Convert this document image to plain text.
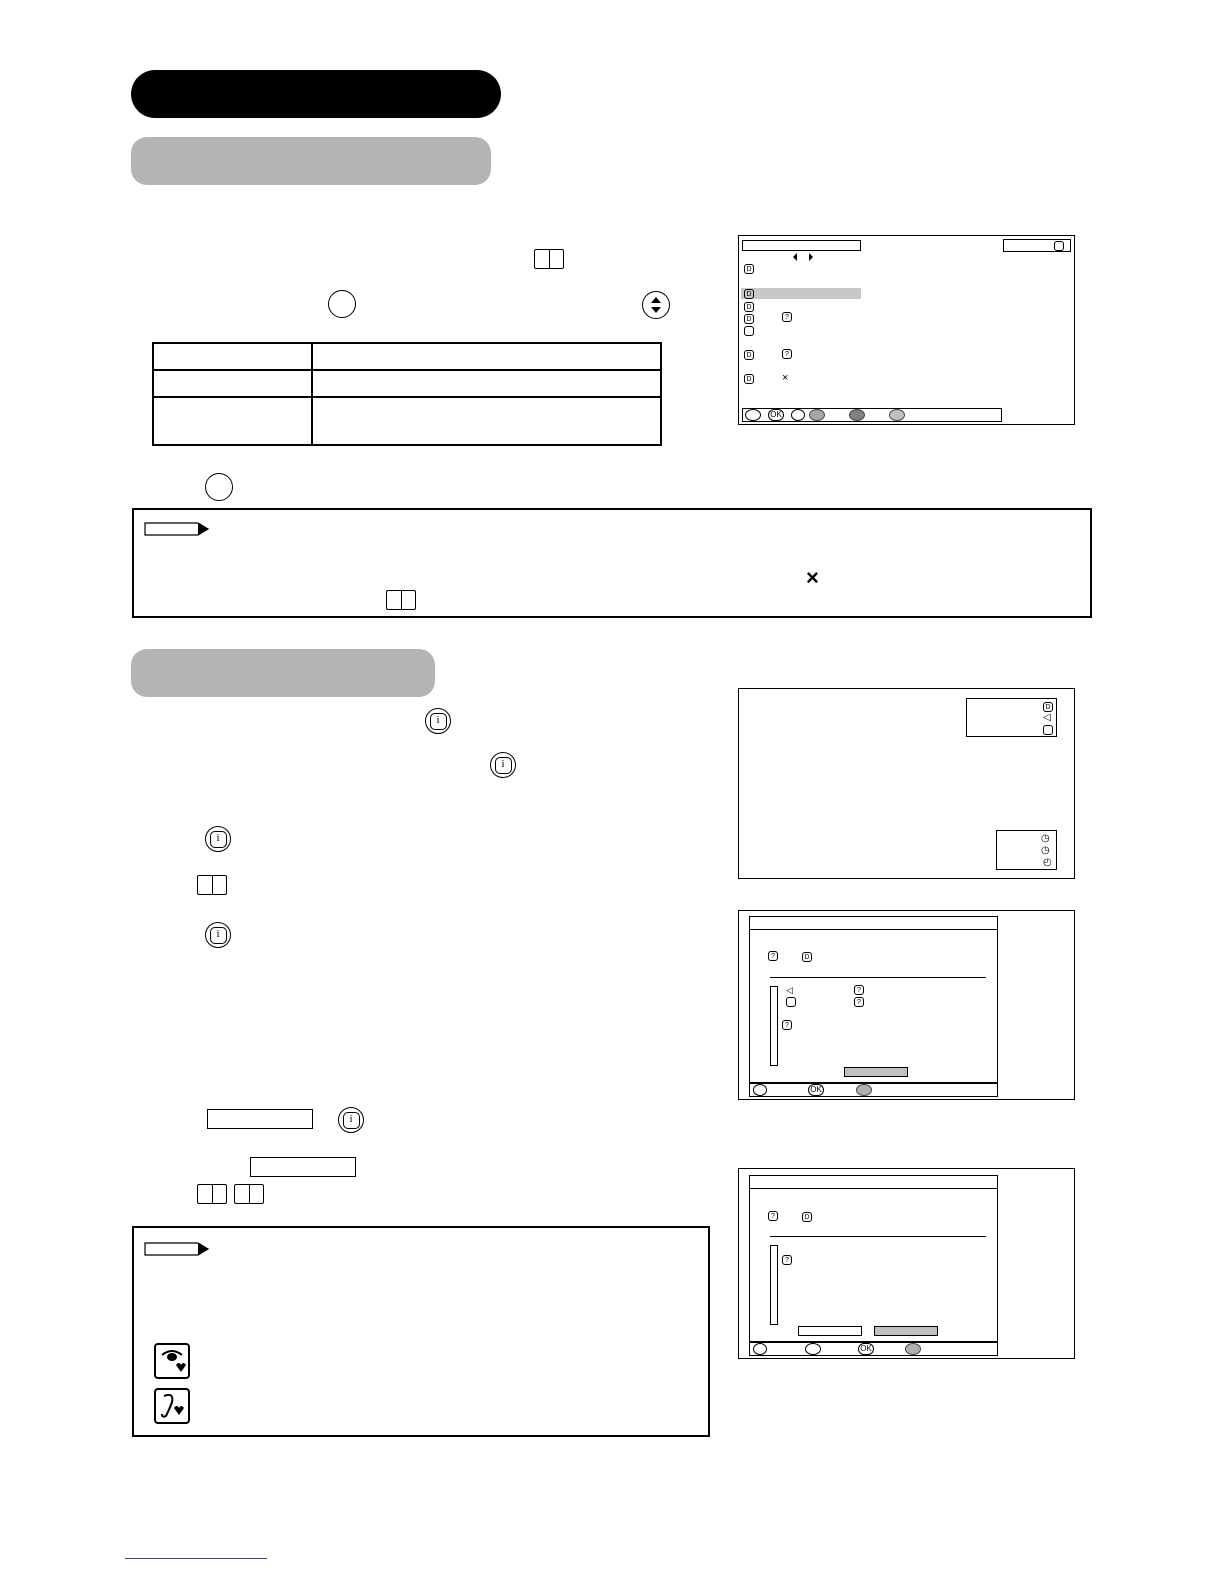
D
D
D
D	?
D	?
D	×
OK
×
i
i
i
i
i
D
◁
◷
◷
◴
?	D
◁	?
?
?
OK
?	D
?
OK
